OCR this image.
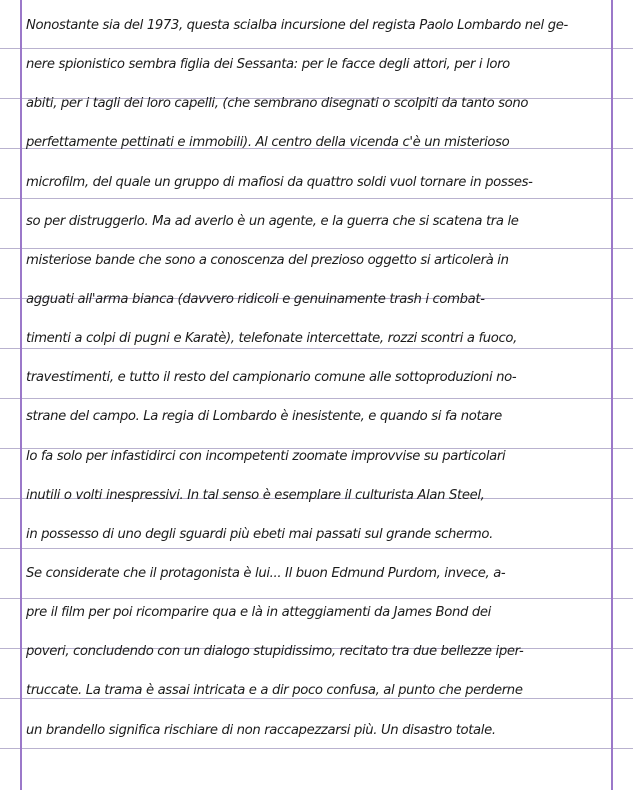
Nonostante sia del 1973, questa scialba incursione del regista Paolo Lombardo nel ge-
nere spionistico sembra figlia dei Sessanta: per le facce degli attori, per i loro
abiti, per i tagli dei loro capelli, (che sembrano disegnati o scolpiti da tanto sono
perfettamente pettinati e immobili). Al centro della vicenda c'è un misterioso
microfilm, del quale un gruppo di mafiosi da quattro soldi vuol tornare in posses-
so per distruggerlo. Ma ad averlo è un agente, e la guerra che si scatena tra le
misteriose bande che sono a conoscenza del prezioso oggetto si articolerà in
agguati all'arma bianca (davvero ridicoli e genuinamente trash i combat-
timenti a colpi di pugni e Karatè), telefonate intercettate, rozzi scontri a fuoco,
travestimenti, e tutto il resto del campionario comune alle sottoproduzioni no-
strane del campo. La regia di Lombardo è inesistente, e quando si fa notare
lo fa solo per infastidirci con incompetenti zoomate improvvise su particolari
inutili o volti inespressivi. In tal senso è esemplare il culturista Alan Steel,
in possesso di uno degli sguardi più ebeti mai passati sul grande schermo.
Se considerate che il protagonista è lui... Il buon Edmund Purdom, invece, a-
pre il film per poi ricomparire qua e là in atteggiamenti da James Bond dei
poveri, concludendo con un dialogo stupidissimo, recitato tra due bellezze iper-
truccate. La trama è assai intricata e a dir poco confusa, al punto che perderne
un brandello significa rischiare di non raccapezzarsi più. Un disastro totale.
